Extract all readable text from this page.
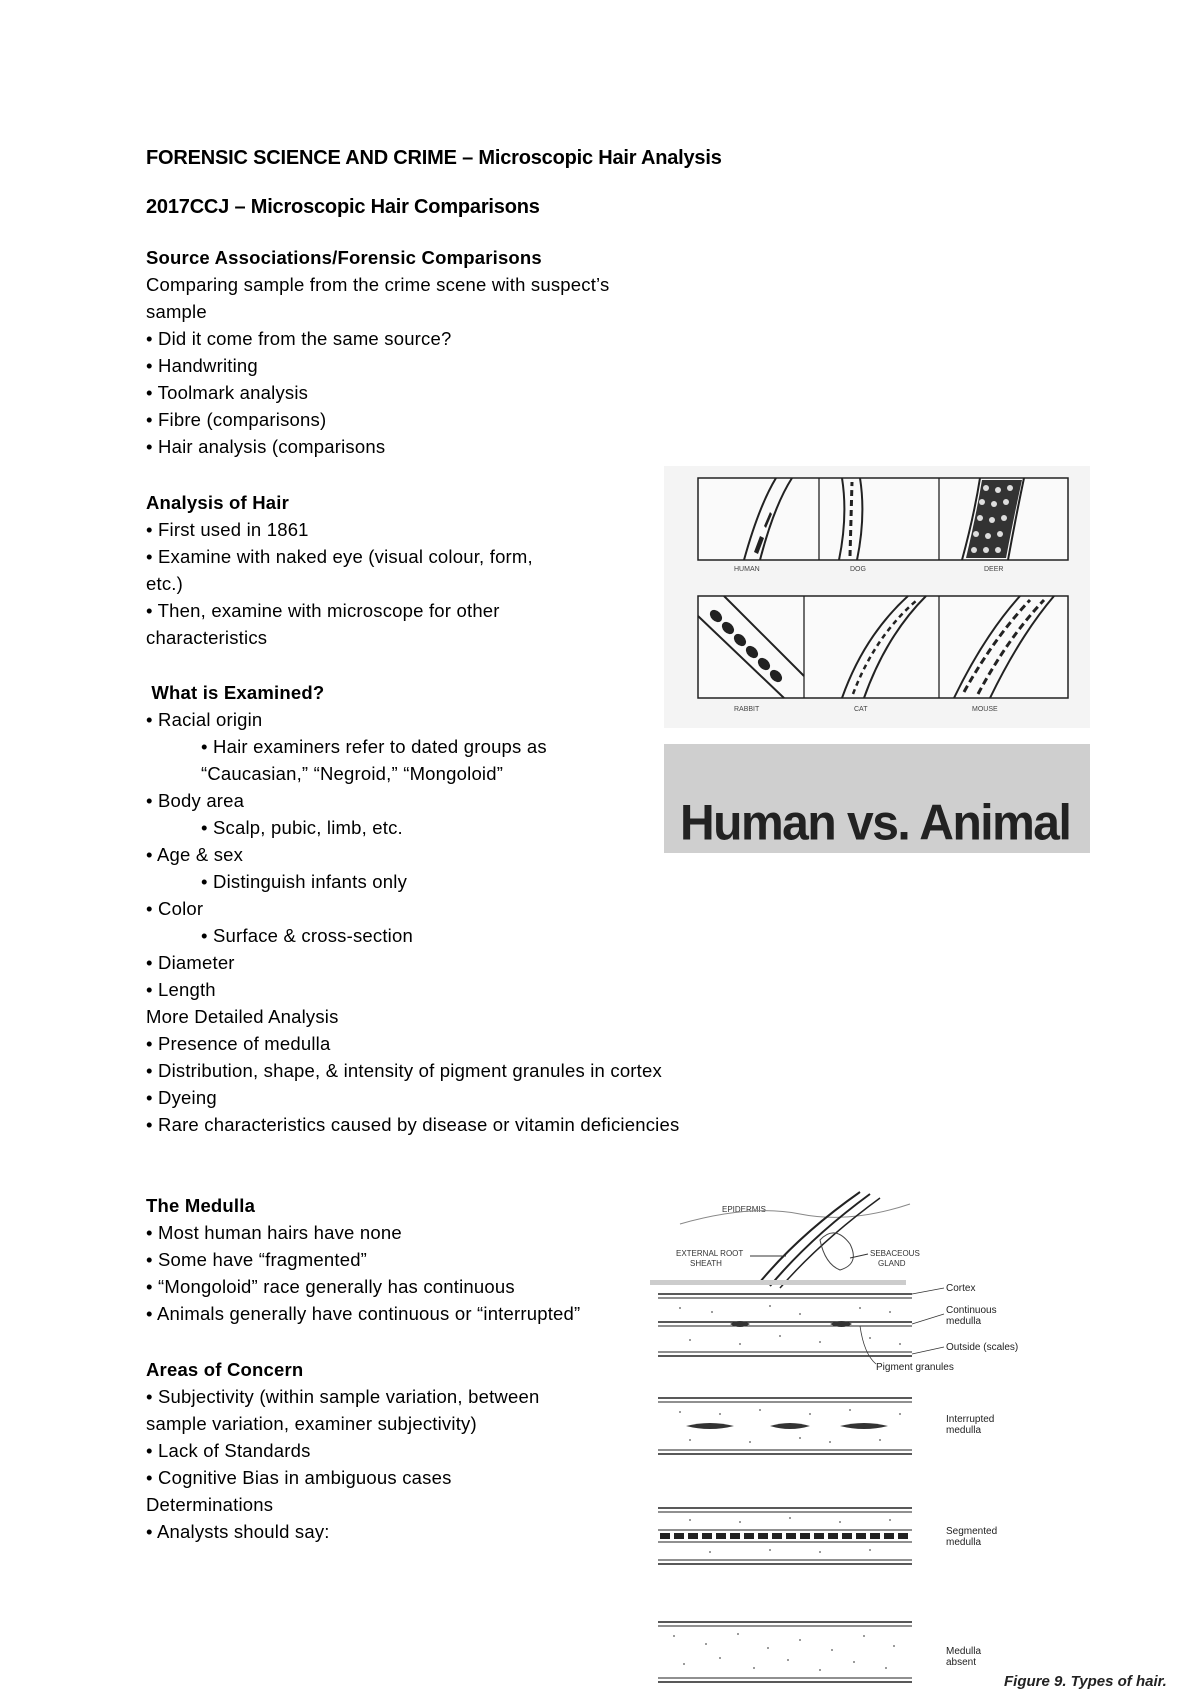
FORENSIC SCIENCE AND CRIME – Microscopic Hair Analysis
2017CCJ – Microscopic Hair Comparisons
Source Associations/Forensic Comparisons
Comparing sample from the crime scene with suspect’s
sample
• Did it come from the same source?
• Handwriting
• Toolmark analysis
• Fibre (comparisons)
• Hair analysis (comparisons
Analysis of Hair
• First used in 1861
• Examine with naked eye (visual colour, form,
etc.)
• Then, examine with microscope for other
characteristics
What is Examined?
• Racial origin
• Hair examiners refer to dated groups as
“Caucasian,” “Negroid,” “Mongoloid”
• Body area
• Scalp, pubic, limb, etc.
• Age & sex
• Distinguish infants only
• Color
• Surface & cross-section
• Diameter
• Length
More Detailed Analysis
• Presence of medulla
• Distribution, shape, & intensity of pigment granules in cortex
• Dyeing
• Rare characteristics caused by disease or vitamin deficiencies
The Medulla
• Most human hairs have none
• Some have “fragmented”
• “Mongoloid” race generally has continuous
• Animals generally have continuous or “interrupted”
Areas of Concern
• Subjectivity (within sample variation, between
sample variation, examiner subjectivity)
• Lack of Standards
• Cognitive Bias in ambiguous cases
Determinations
• Analysts should say:
HUMAN	DOG	DEER
RABBIT	CAT	MOUSE
Human vs. Animal
EPIDERMIS
EXTERNAL ROOT
SHEATH
SEBACEOUS
GLAND
Cortex
Continuous
medulla
Outside (scales)
Pigment granules
Interrupted
medulla
Segmented
medulla
Medulla
absent
Figure 9. Types of hair.
